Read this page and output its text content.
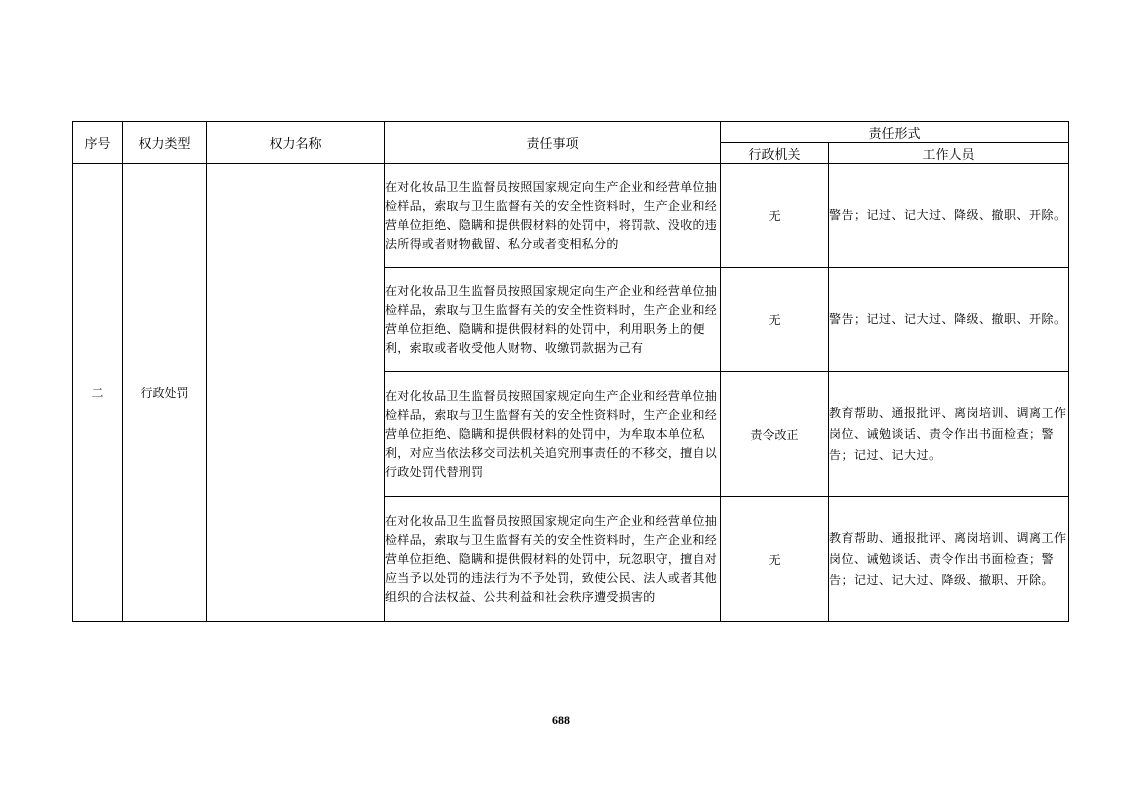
序号	权力类型	权力名称	责任事项	责任形式	
				行政机关	工作人员
二	行政处罚		在对化妆品卫生监督员按照国家规定向生产企业和经营单位抽检样品，索取与卫生监督有关的安全性资料时，生产企业和经营单位拒绝、隐瞒和提供假材料的处罚中，将罚款、没收的违法所得或者财物截留、私分或者变相私分的	无	警告；记过、记大过、降级、撤职、开除。
			在对化妆品卫生监督员按照国家规定向生产企业和经营单位抽检样品，索取与卫生监督有关的安全性资料时，生产企业和经营单位拒绝、隐瞒和提供假材料的处罚中，利用职务上的便利，索取或者收受他人财物、收缴罚款据为己有	无	警告；记过、记大过、降级、撤职、开除。
			在对化妆品卫生监督员按照国家规定向生产企业和经营单位抽检样品，索取与卫生监督有关的安全性资料时，生产企业和经营单位拒绝、隐瞒和提供假材料的处罚中，为牟取本单位私利，对应当依法移交司法机关追究刑事责任的不移交，擅自以行政处罚代替刑罚	责令改正	教育帮助、通报批评、离岗培训、调离工作岗位、诫勉谈话、责令作出书面检查；警告；记过、记大过。
			在对化妆品卫生监督员按照国家规定向生产企业和经营单位抽检样品，索取与卫生监督有关的安全性资料时，生产企业和经营单位拒绝、隐瞒和提供假材料的处罚中，玩忽职守，擅自对应当予以处罚的违法行为不予处罚，致使公民、法人或者其他组织的合法权益、公共利益和社会秩序遭受损害的	无	教育帮助、通报批评、离岗培训、调离工作岗位、诫勉谈话、责令作出书面检查；警告；记过、记大过、降级、撤职、开除。
688
